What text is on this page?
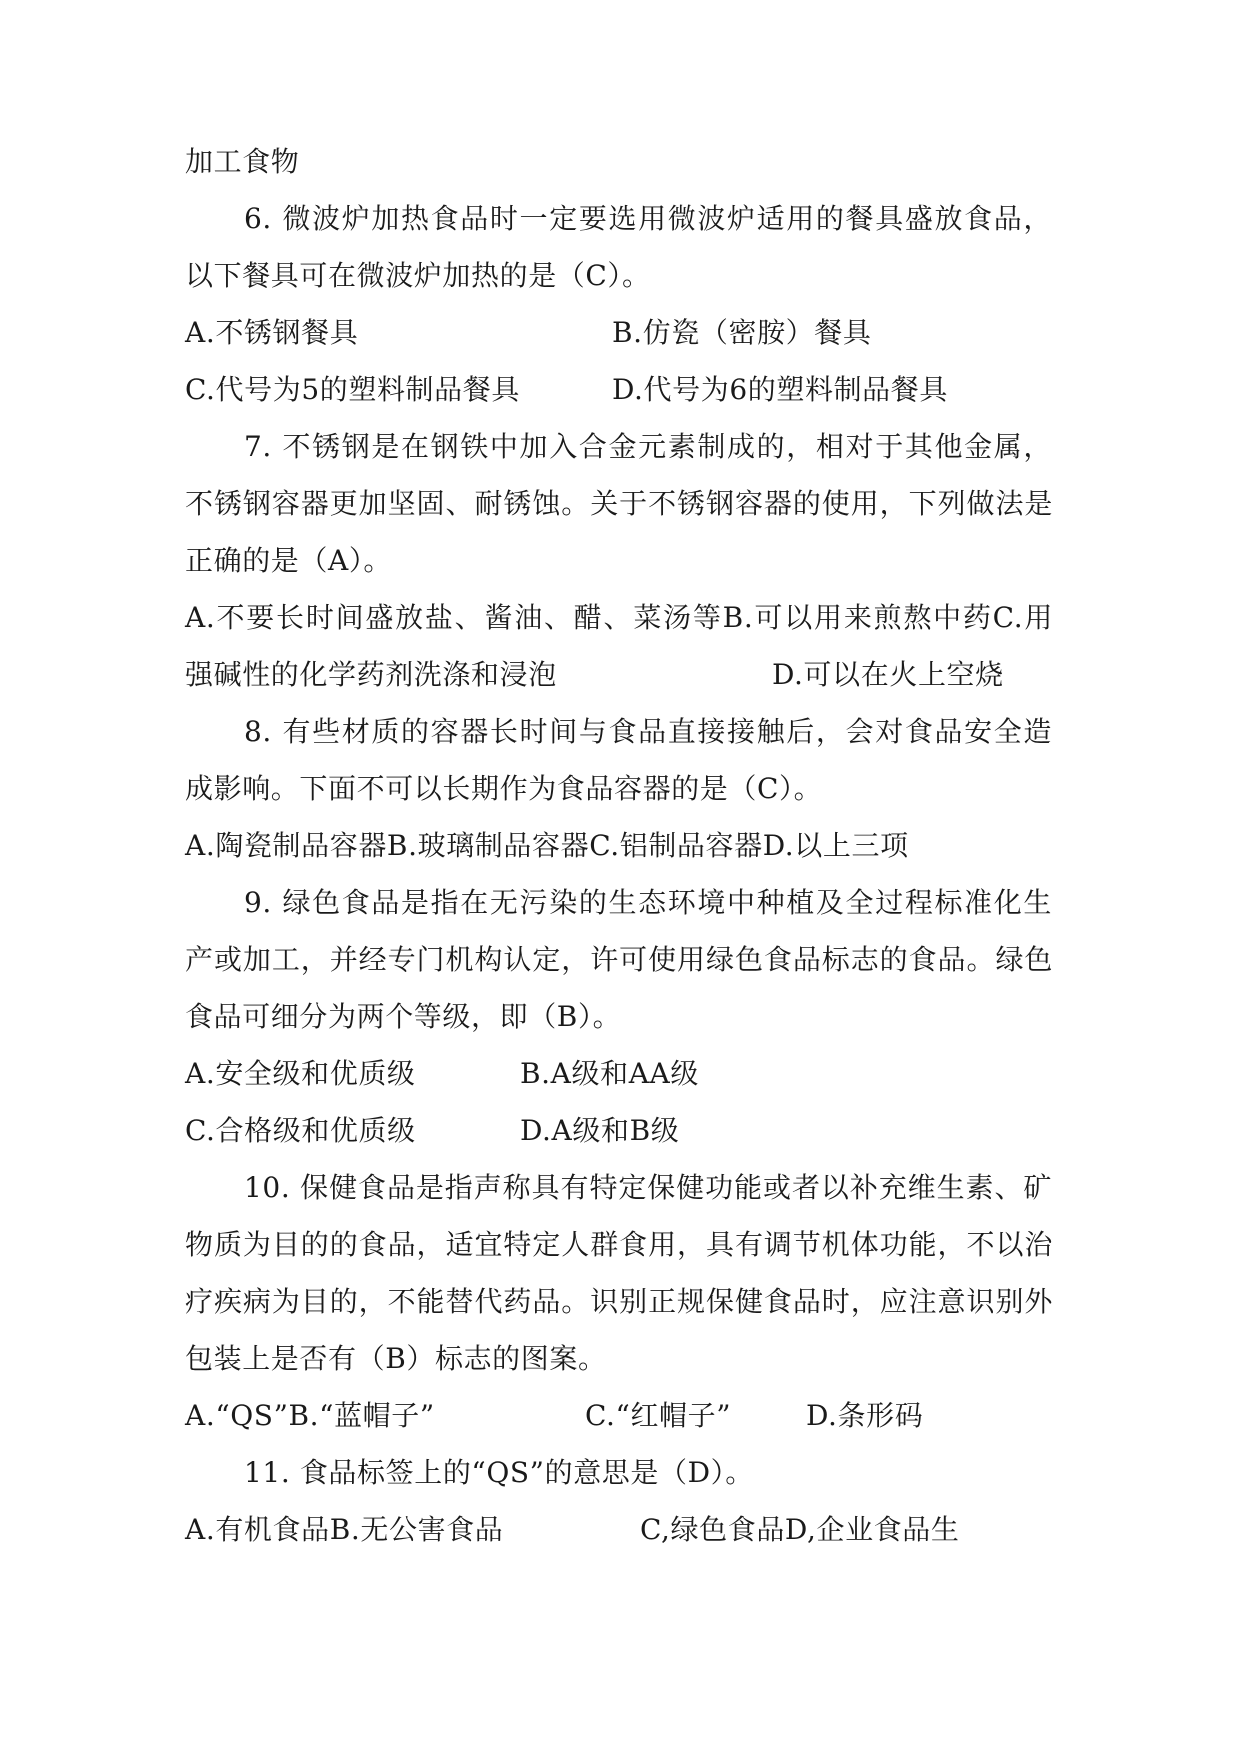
加工食物
6. 微波炉加热食品时一定要选用微波炉适用的餐具盛放食品，
以下餐具可在微波炉加热的是（C）。
A.不锈钢餐具	B.仿瓷（密胺）餐具
C.代号为5的塑料制品餐具	D.代号为6的塑料制品餐具
7. 不锈钢是在钢铁中加入合金元素制成的，相对于其他金属，
不锈钢容器更加坚固、耐锈蚀。关于不锈钢容器的使用，下列做法是
正确的是（A）。
A.不要长时间盛放盐、酱油、醋、菜汤等B.可以用来煎熬中药C.用
强碱性的化学药剂洗涤和浸泡	D.可以在火上空烧
8. 有些材质的容器长时间与食品直接接触后，会对食品安全造
成影响。下面不可以长期作为食品容器的是（C）。
A.陶瓷制品容器B.玻璃制品容器C.铝制品容器D.以上三项
9. 绿色食品是指在无污染的生态环境中种植及全过程标准化生
产或加工，并经专门机构认定，许可使用绿色食品标志的食品。绿色
食品可细分为两个等级，即（B）。
A.安全级和优质级	B.A级和AA级
C.合格级和优质级	D.A级和B级
10. 保健食品是指声称具有特定保健功能或者以补充维生素、矿
物质为目的的食品，适宜特定人群食用，具有调节机体功能，不以治
疗疾病为目的，不能替代药品。识别正规保健食品时，应注意识别外
包装上是否有（B）标志的图案。
A.“QS”B.“蓝帽子”	C.“红帽子”	D.条形码
11. 食品标签上的“QS”的意思是（D）。
A.有机食品B.无公害食品	C,绿色食品D,企业食品生
